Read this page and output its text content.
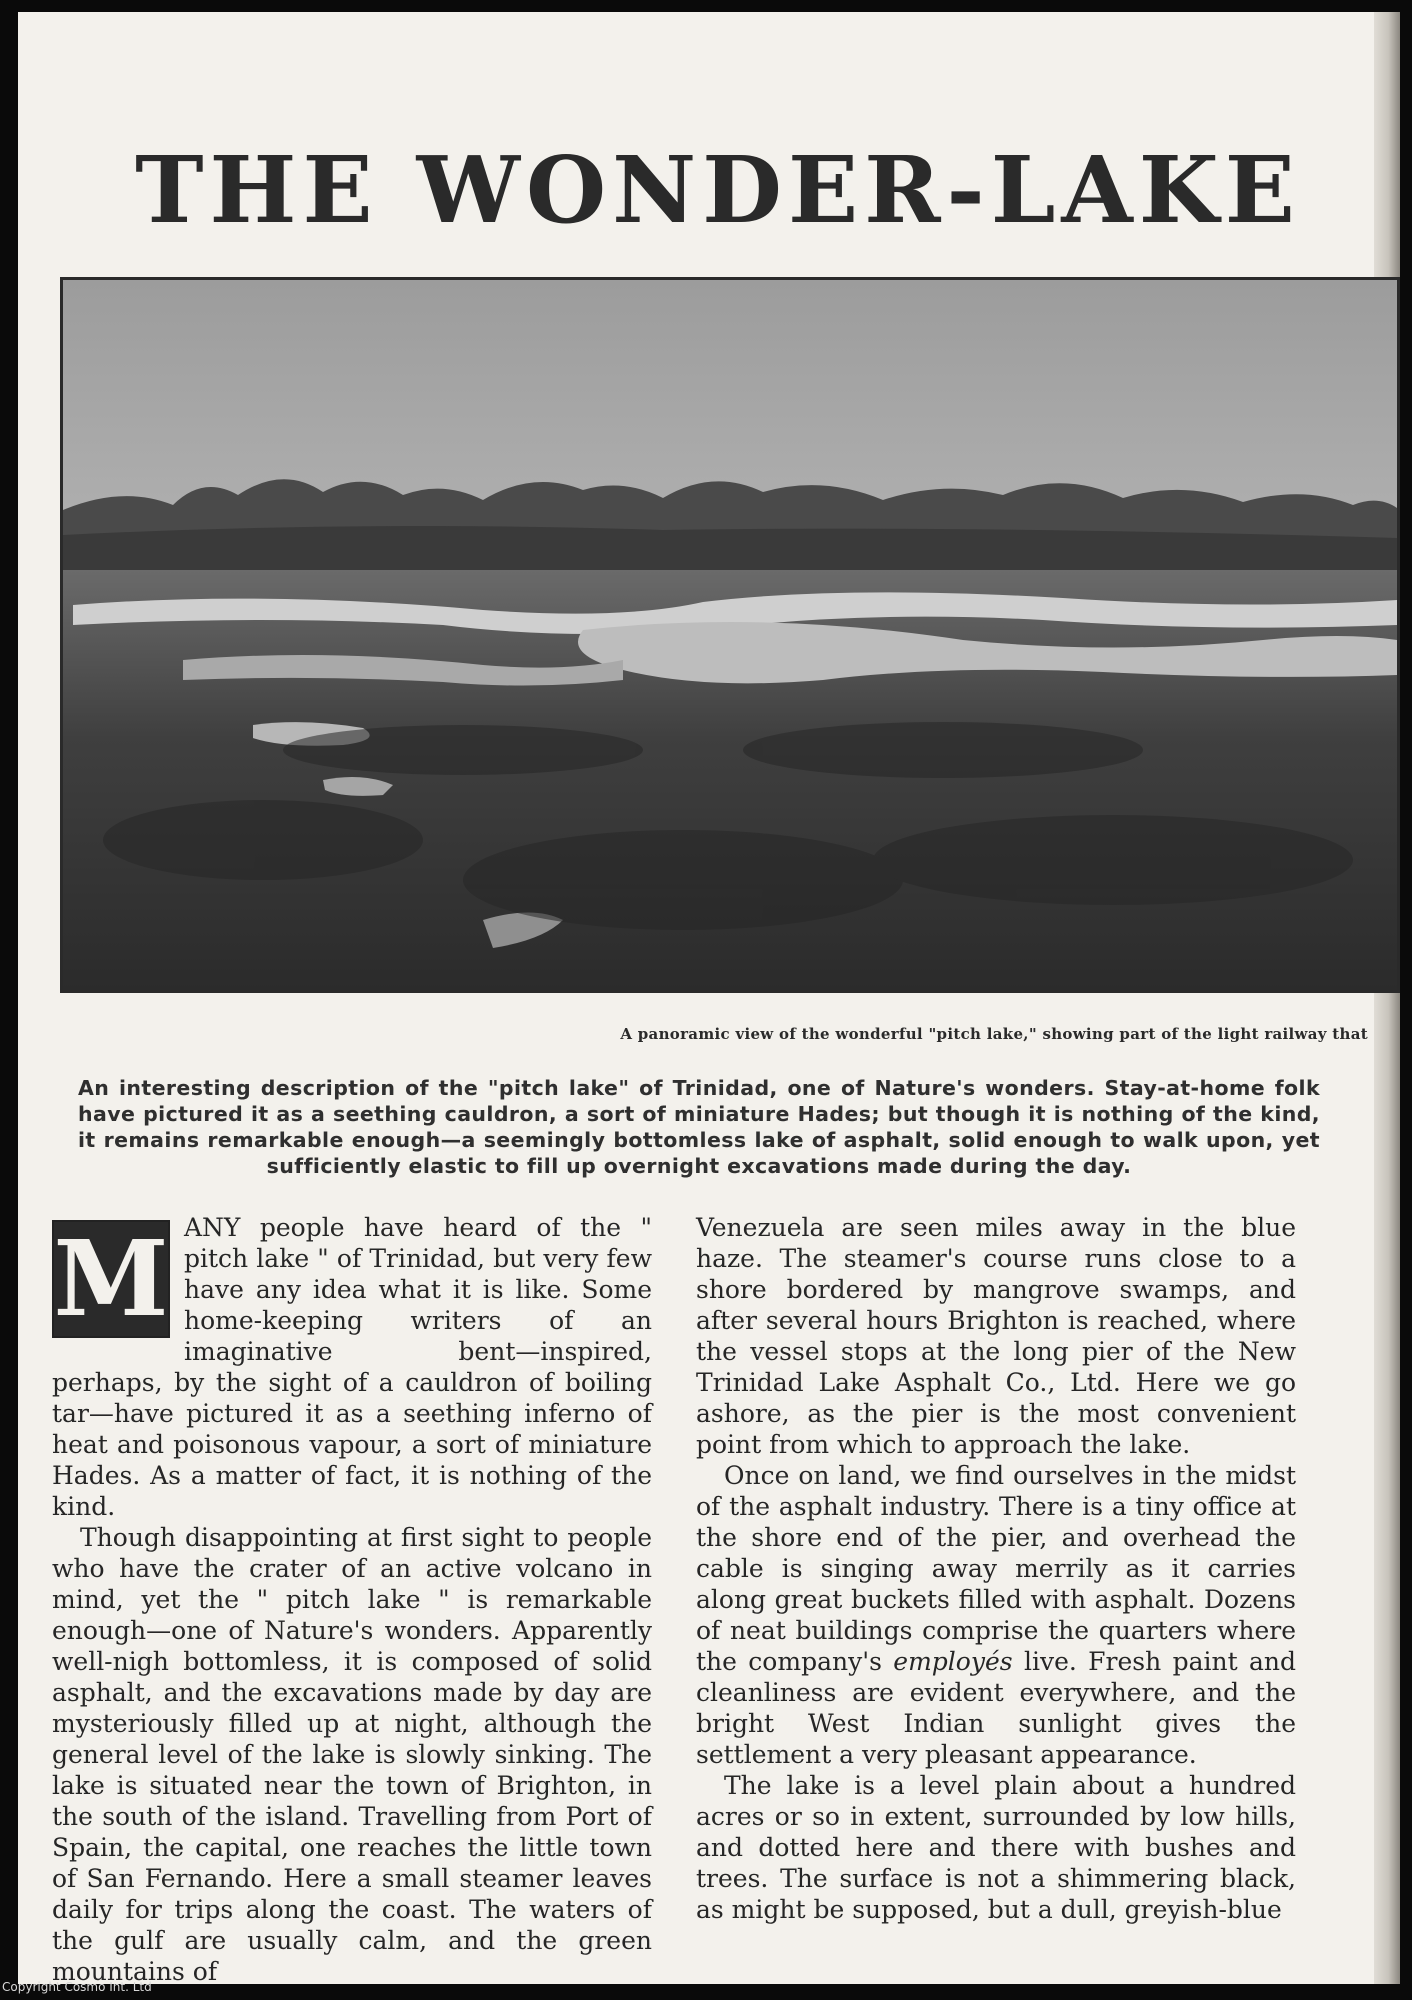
THE WONDER-LAKE
A panoramic view of the wonderful "pitch lake," showing part of the light railway that

An interesting description of the "pitch lake" of Trinidad, one of Nature's wonders. Stay-at-home folk have pictured it as a seething cauldron, a sort of miniature Hades; but though it is nothing of the kind, it remains remarkable enough—a seemingly bottomless lake of asphalt, solid enough to walk upon, yet sufficiently elastic to fill up overnight excavations made during the day.

M ANY people have heard of the " pitch lake " of Trinidad, but very few have any idea what it is like. Some home-keeping writers of an imaginative bent—inspired, perhaps, by the sight of a cauldron of boiling tar—have pictured it as a seething inferno of heat and poisonous vapour, a sort of miniature Hades. As a matter of fact, it is nothing of the kind.

Though disappointing at first sight to people who have the crater of an active volcano in mind, yet the " pitch lake " is remarkable enough—one of Nature's wonders. Apparently well-nigh bottomless, it is composed of solid asphalt, and the excavations made by day are mysteriously filled up at night, although the general level of the lake is slowly sinking. The lake is situated near the town of Brighton, in the south of the island. Travelling from Port of Spain, the capital, one reaches the little town of San Fernando. Here a small steamer leaves daily for trips along the coast. The waters of the gulf are usually calm, and the green mountains of

Venezuela are seen miles away in the blue haze. The steamer's course runs close to a shore bordered by mangrove swamps, and after several hours Brighton is reached, where the vessel stops at the long pier of the New Trinidad Lake Asphalt Co., Ltd. Here we go ashore, as the pier is the most convenient point from which to approach the lake.

Once on land, we find ourselves in the midst of the asphalt industry. There is a tiny office at the shore end of the pier, and overhead the cable is singing away merrily as it carries along great buckets filled with asphalt. Dozens of neat buildings comprise the quarters where the company's employés live. Fresh paint and cleanliness are evident everywhere, and the bright West Indian sunlight gives the settlement a very pleasant appearance.

The lake is a level plain about a hundred acres or so in extent, surrounded by low hills, and dotted here and there with bushes and trees. The surface is not a shimmering black, as might be supposed, but a dull, greyish-blue

Copyright Cosmo Int. Ltd
